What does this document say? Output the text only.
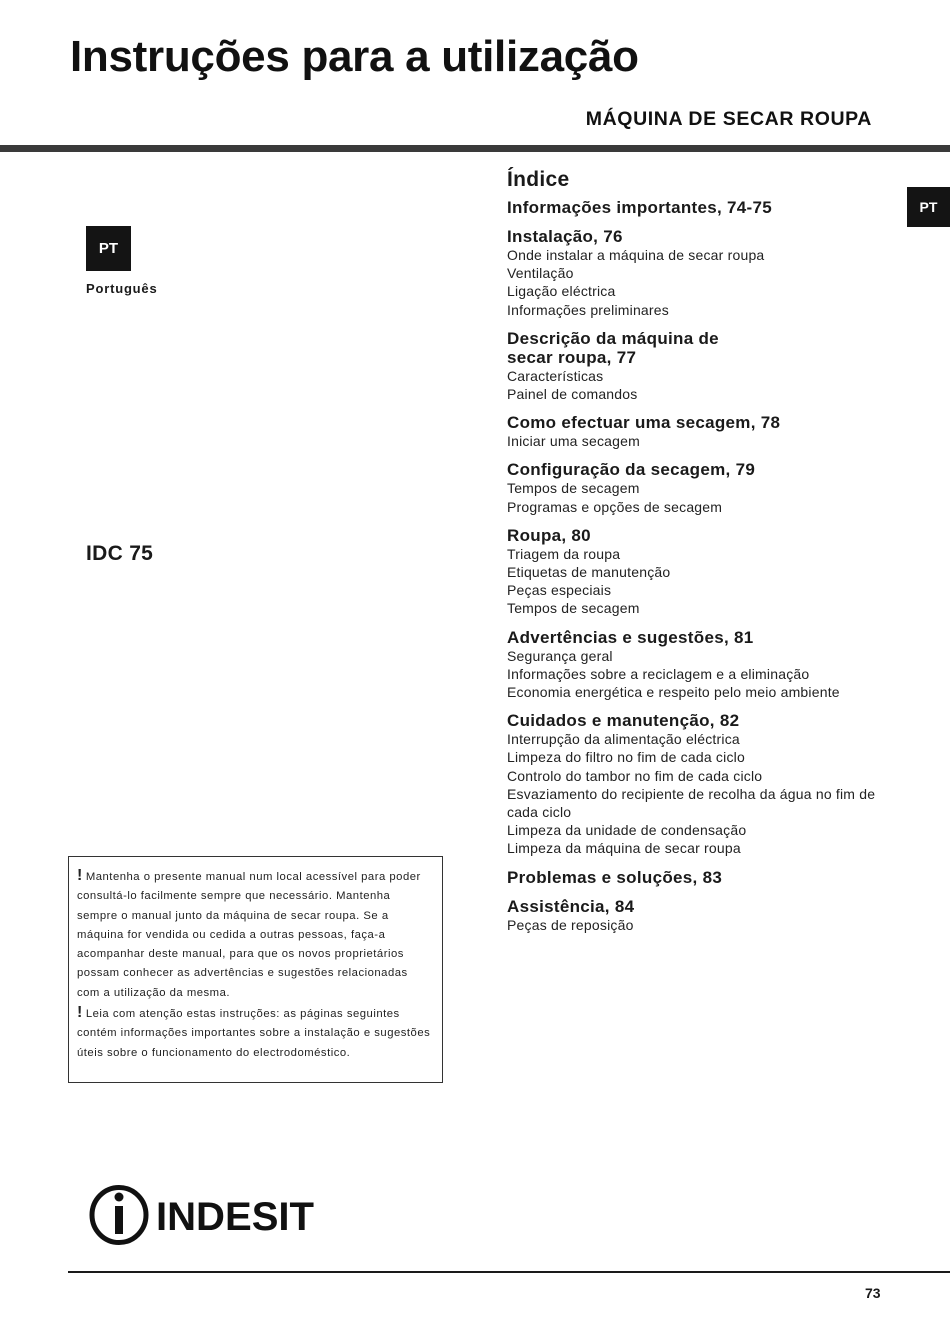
Instruções para a utilização
MÁQUINA DE SECAR ROUPA
PT
Português
IDC 75
PT
Índice
Informações importantes, 74-75
Instalação, 76
Onde instalar a máquina de secar roupa
Ventilação
Ligação eléctrica
Informações preliminares
Descrição da máquina de
secar roupa, 77
Características
Painel de comandos
Como efectuar uma secagem, 78
Iniciar uma secagem
Configuração da secagem, 79
Tempos de secagem
Programas e opções de secagem
Roupa, 80
Triagem da roupa
Etiquetas de manutenção
Peças especiais
Tempos de secagem
Advertências e sugestões, 81
Segurança geral
Informações sobre a reciclagem e a eliminação
Economia energética e respeito pelo meio ambiente
Cuidados e manutenção, 82
Interrupção da alimentação eléctrica
Limpeza do filtro no fim de cada ciclo
Controlo do tambor no fim de cada ciclo
Esvaziamento do recipiente de recolha da água no fim de cada ciclo
Limpeza da unidade de condensação
Limpeza da máquina de secar roupa
Problemas e soluções, 83
Assistência, 84
Peças de reposição

! Mantenha o presente manual num local acessível para poder consultá-lo facilmente sempre que necessário. Mantenha sempre o manual junto da máquina de secar roupa. Se a máquina for vendida ou cedida a outras pessoas, faça-a acompanhar deste manual, para que os novos proprietários possam conhecer as advertências e sugestões relacionadas com a utilização da mesma.

! Leia com atenção estas instruções: as páginas seguintes contém informações importantes sobre a instalação e sugestões úteis sobre o funcionamento do electrodoméstico.

INDESIT
73
